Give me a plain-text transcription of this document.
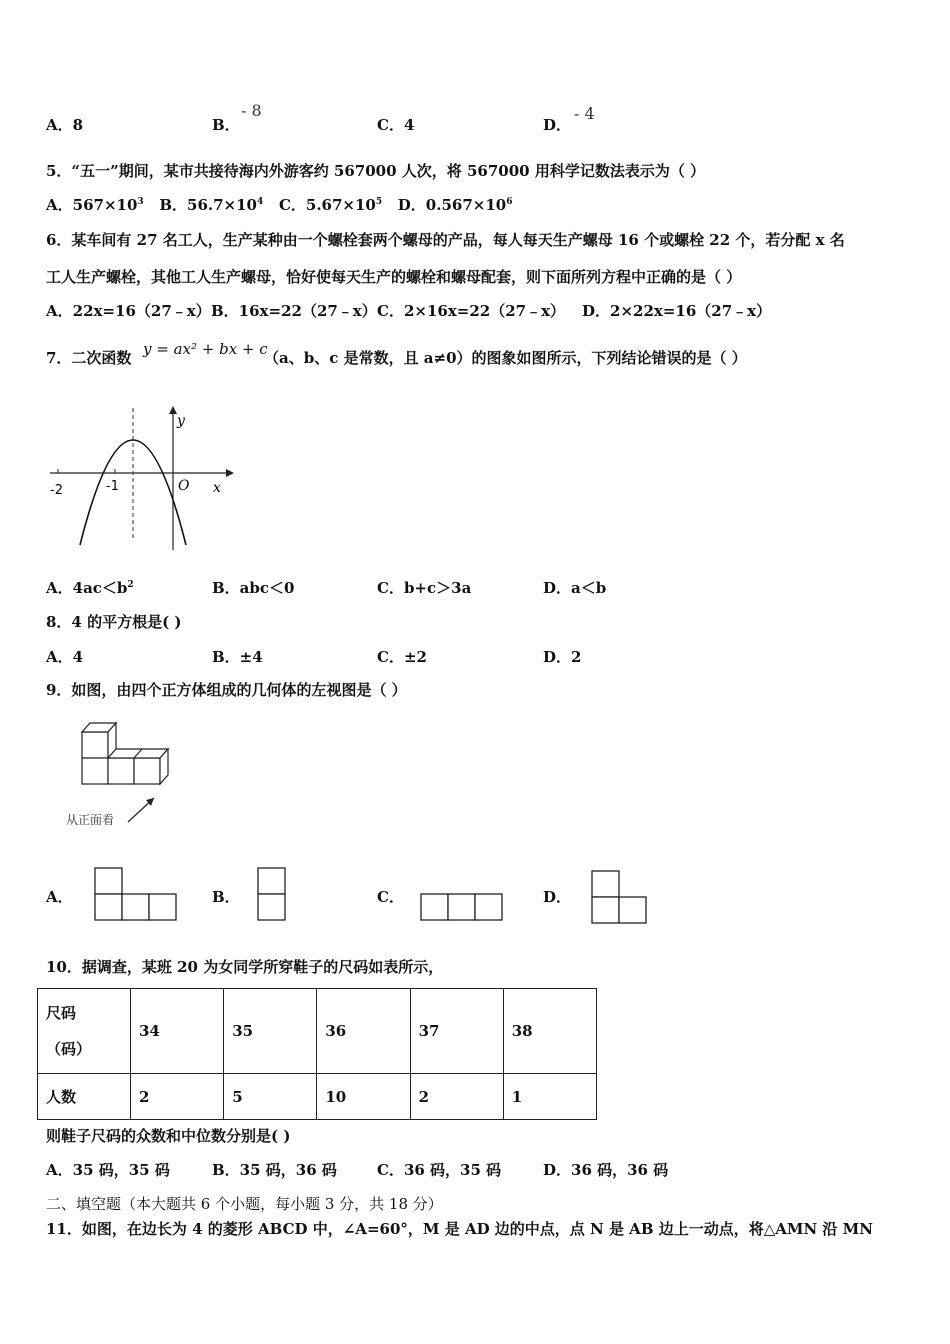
A．8	B．
- 8
C．4	D．
- 4
5．“五一”期间，某市共接待海内外游客约 567000 人次，将 567000 用科学记数法表示为（ ）
A．$567\times 10^3$ B．$56.7\times 10^4$ C．$5.67\times 10^5$ D．$0.567\times 10^6$
6．某车间有 27 名工人，生产某种由一个螺栓套两个螺母的产品，每人每天生产螺母 16 个或螺栓 22 个，若分配 x 名
工人生产螺栓，其他工人生产螺母，恰好使每天生产的螺栓和螺母配套，则下面所列方程中正确的是（ ）
A．22x=16（27﹣x） B．16x=22（27﹣x） C．2×16x=22（27﹣x） D．2×22x=16（27﹣x）
7．二次函数 y = ax² + bx + c
（a、b、c 是常数，且 a≠0）的图象如图所示，下列结论错误的是（ ）
y
x
O
-1
-2
A．$4ac<b^2$	B．abc＜0	C．b+c＞3a	D．a＜b
8．4 的平方根是( )
A．4	B．±4	C．±2	D．2
9．如图，由四个正方体组成的几何体的左视图是（ ）
从正面看
A．	B．	C．	D．
10．据调查，某班 20 为女同学所穿鞋子的尺码如表所示，
尺码
（码）	34	35	36	37	38
人数	2	5	10	2	1
则鞋子尺码的众数和中位数分别是( )
A．35 码，35 码	B．35 码，36 码	C．36 码，35 码	D．36 码，36 码
二、填空题（本大题共 6 个小题，每小题 3 分，共 18 分）
11．如图，在边长为 4 的菱形 ABCD 中，∠A=60°，M 是 AD 边的中点，点 N 是 AB 边上一动点，将△AMN 沿 MN
